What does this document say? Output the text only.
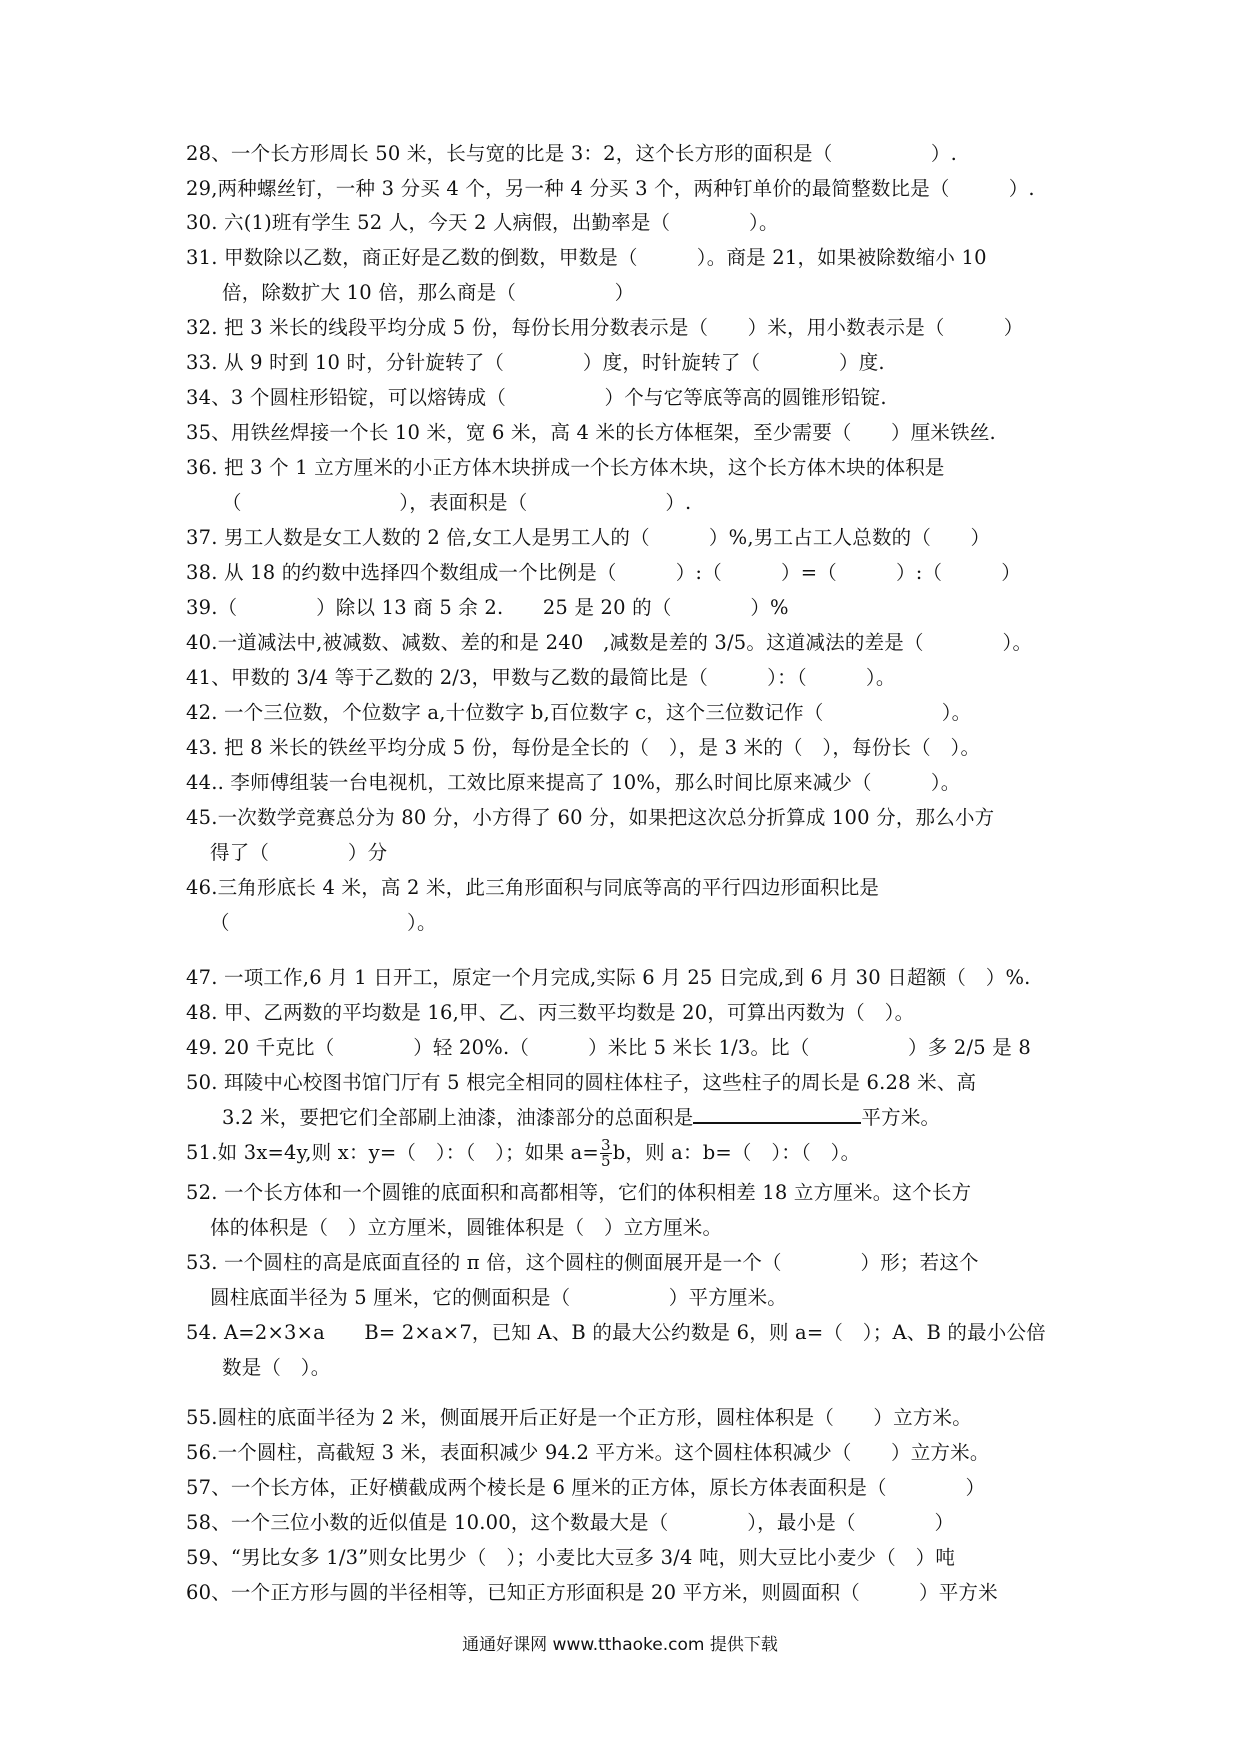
28、一个长方形周长 50 米，长与宽的比是 3：2，这个长方形的面积是（　　　　　）.
29,两种螺丝钉，一种 3 分买 4 个，另一种 4 分买 3 个，两种钉单价的最简整数比是（　　　）.
30. 六(1)班有学生 52 人，今天 2 人病假，出勤率是（　　　　）。
31. 甲数除以乙数，商正好是乙数的倒数，甲数是（　　　）。商是 21，如果被除数缩小 10
倍，除数扩大 10 倍，那么商是（　　　　　）
32. 把 3 米长的线段平均分成 5 份，每份长用分数表示是（　　）米，用小数表示是（　　　）
33. 从 9 时到 10 时，分针旋转了（　　　　）度，时针旋转了（　　　　）度.
34、3 个圆柱形铅锭，可以熔铸成（　　　　　）个与它等底等高的圆锥形铅锭.
35、用铁丝焊接一个长 10 米，宽 6 米，高 4 米的长方体框架，至少需要（　　）厘米铁丝.
36. 把 3 个 1 立方厘米的小正方体木块拼成一个长方体木块，这个长方体木块的体积是
（　　　　　　　　），表面积是（　　　　　　　）.
37. 男工人数是女工人数的 2 倍,女工人是男工人的（　　　）%,男工占工人总数的（　　）
38. 从 18 的约数中选择四个数组成一个比例是（　　　）:（　　　）=（　　　）:（　　　）
39.（　　　　）除以 13 商 5 余 2.　　25 是 20 的（　　　　）%
40.一道减法中,被减数、减数、差的和是 240　,减数是差的 3/5。这道减法的差是（　　　　）。
41、甲数的 3/4 等于乙数的 2/3，甲数与乙数的最简比是（　　　）：（　　　）。
42. 一个三位数，个位数字 a,十位数字 b,百位数字 c，这个三位数记作（　　　　　　）。
43. 把 8 米长的铁丝平均分成 5 份，每份是全长的（　），是 3 米的（　），每份长（　）。
44.. 李师傅组装一台电视机，工效比原来提高了 10%，那么时间比原来减少（　　　）。
45.一次数学竞赛总分为 80 分，小方得了 60 分，如果把这次总分折算成 100 分，那么小方
得了（　　　　）分
46.三角形底长 4 米，高 2 米，此三角形面积与同底等高的平行四边形面积比是
（　　　　　　　　　）。
47. 一项工作,6 月 1 日开工，原定一个月完成,实际 6 月 25 日完成,到 6 月 30 日超额（　）%.
48. 甲、乙两数的平均数是 16,甲、乙、丙三数平均数是 20，可算出丙数为（　）。
49. 20 千克比（　　　　）轻 20%.（　　　）米比 5 米长 1/3。比（　　　　　）多 2/5 是 8
50. 珥陵中心校图书馆门厅有 5 根完全相同的圆柱体柱子，这些柱子的周长是 6.28 米、高
3.2 米，要把它们全部刷上油漆，油漆部分的总面积是	平方米。
51.如 3x=4y,则 x：y=（　）：（　）；如果 $a= \frac{3}{5}$ b，则 a：b=（　）：（　）。
52. 一个长方体和一个圆锥的底面积和高都相等，它们的体积相差 18 立方厘米。这个长方
体的体积是（　）立方厘米，圆锥体积是（　）立方厘米。
53. 一个圆柱的高是底面直径的 π 倍，这个圆柱的侧面展开是一个（　　　　）形；若这个
圆柱底面半径为 5 厘米，它的侧面积是（　　　　　）平方厘米。
54. A=2×3×a　　B= 2×a×7，已知 A、B 的最大公约数是 6，则 a=（　）；A、B 的最小公倍
数是（　）。
55.圆柱的底面半径为 2 米，侧面展开后正好是一个正方形，圆柱体积是（　　）立方米。
56.一个圆柱，高截短 3 米，表面积减少 94.2 平方米。这个圆柱体积减少（　　）立方米。
57、一个长方体，正好横截成两个棱长是 6 厘米的正方体，原长方体表面积是（　　　　）
58、一个三位小数的近似值是 10.00，这个数最大是（　　　　），最小是（　　　　）
59、“男比女多 1/3”则女比男少（　）；小麦比大豆多 3/4 吨，则大豆比小麦少（　）吨
60、一个正方形与圆的半径相等，已知正方形面积是 20 平方米，则圆面积（　　　）平方米
通通好课网 www.tthaoke.com 提供下载
